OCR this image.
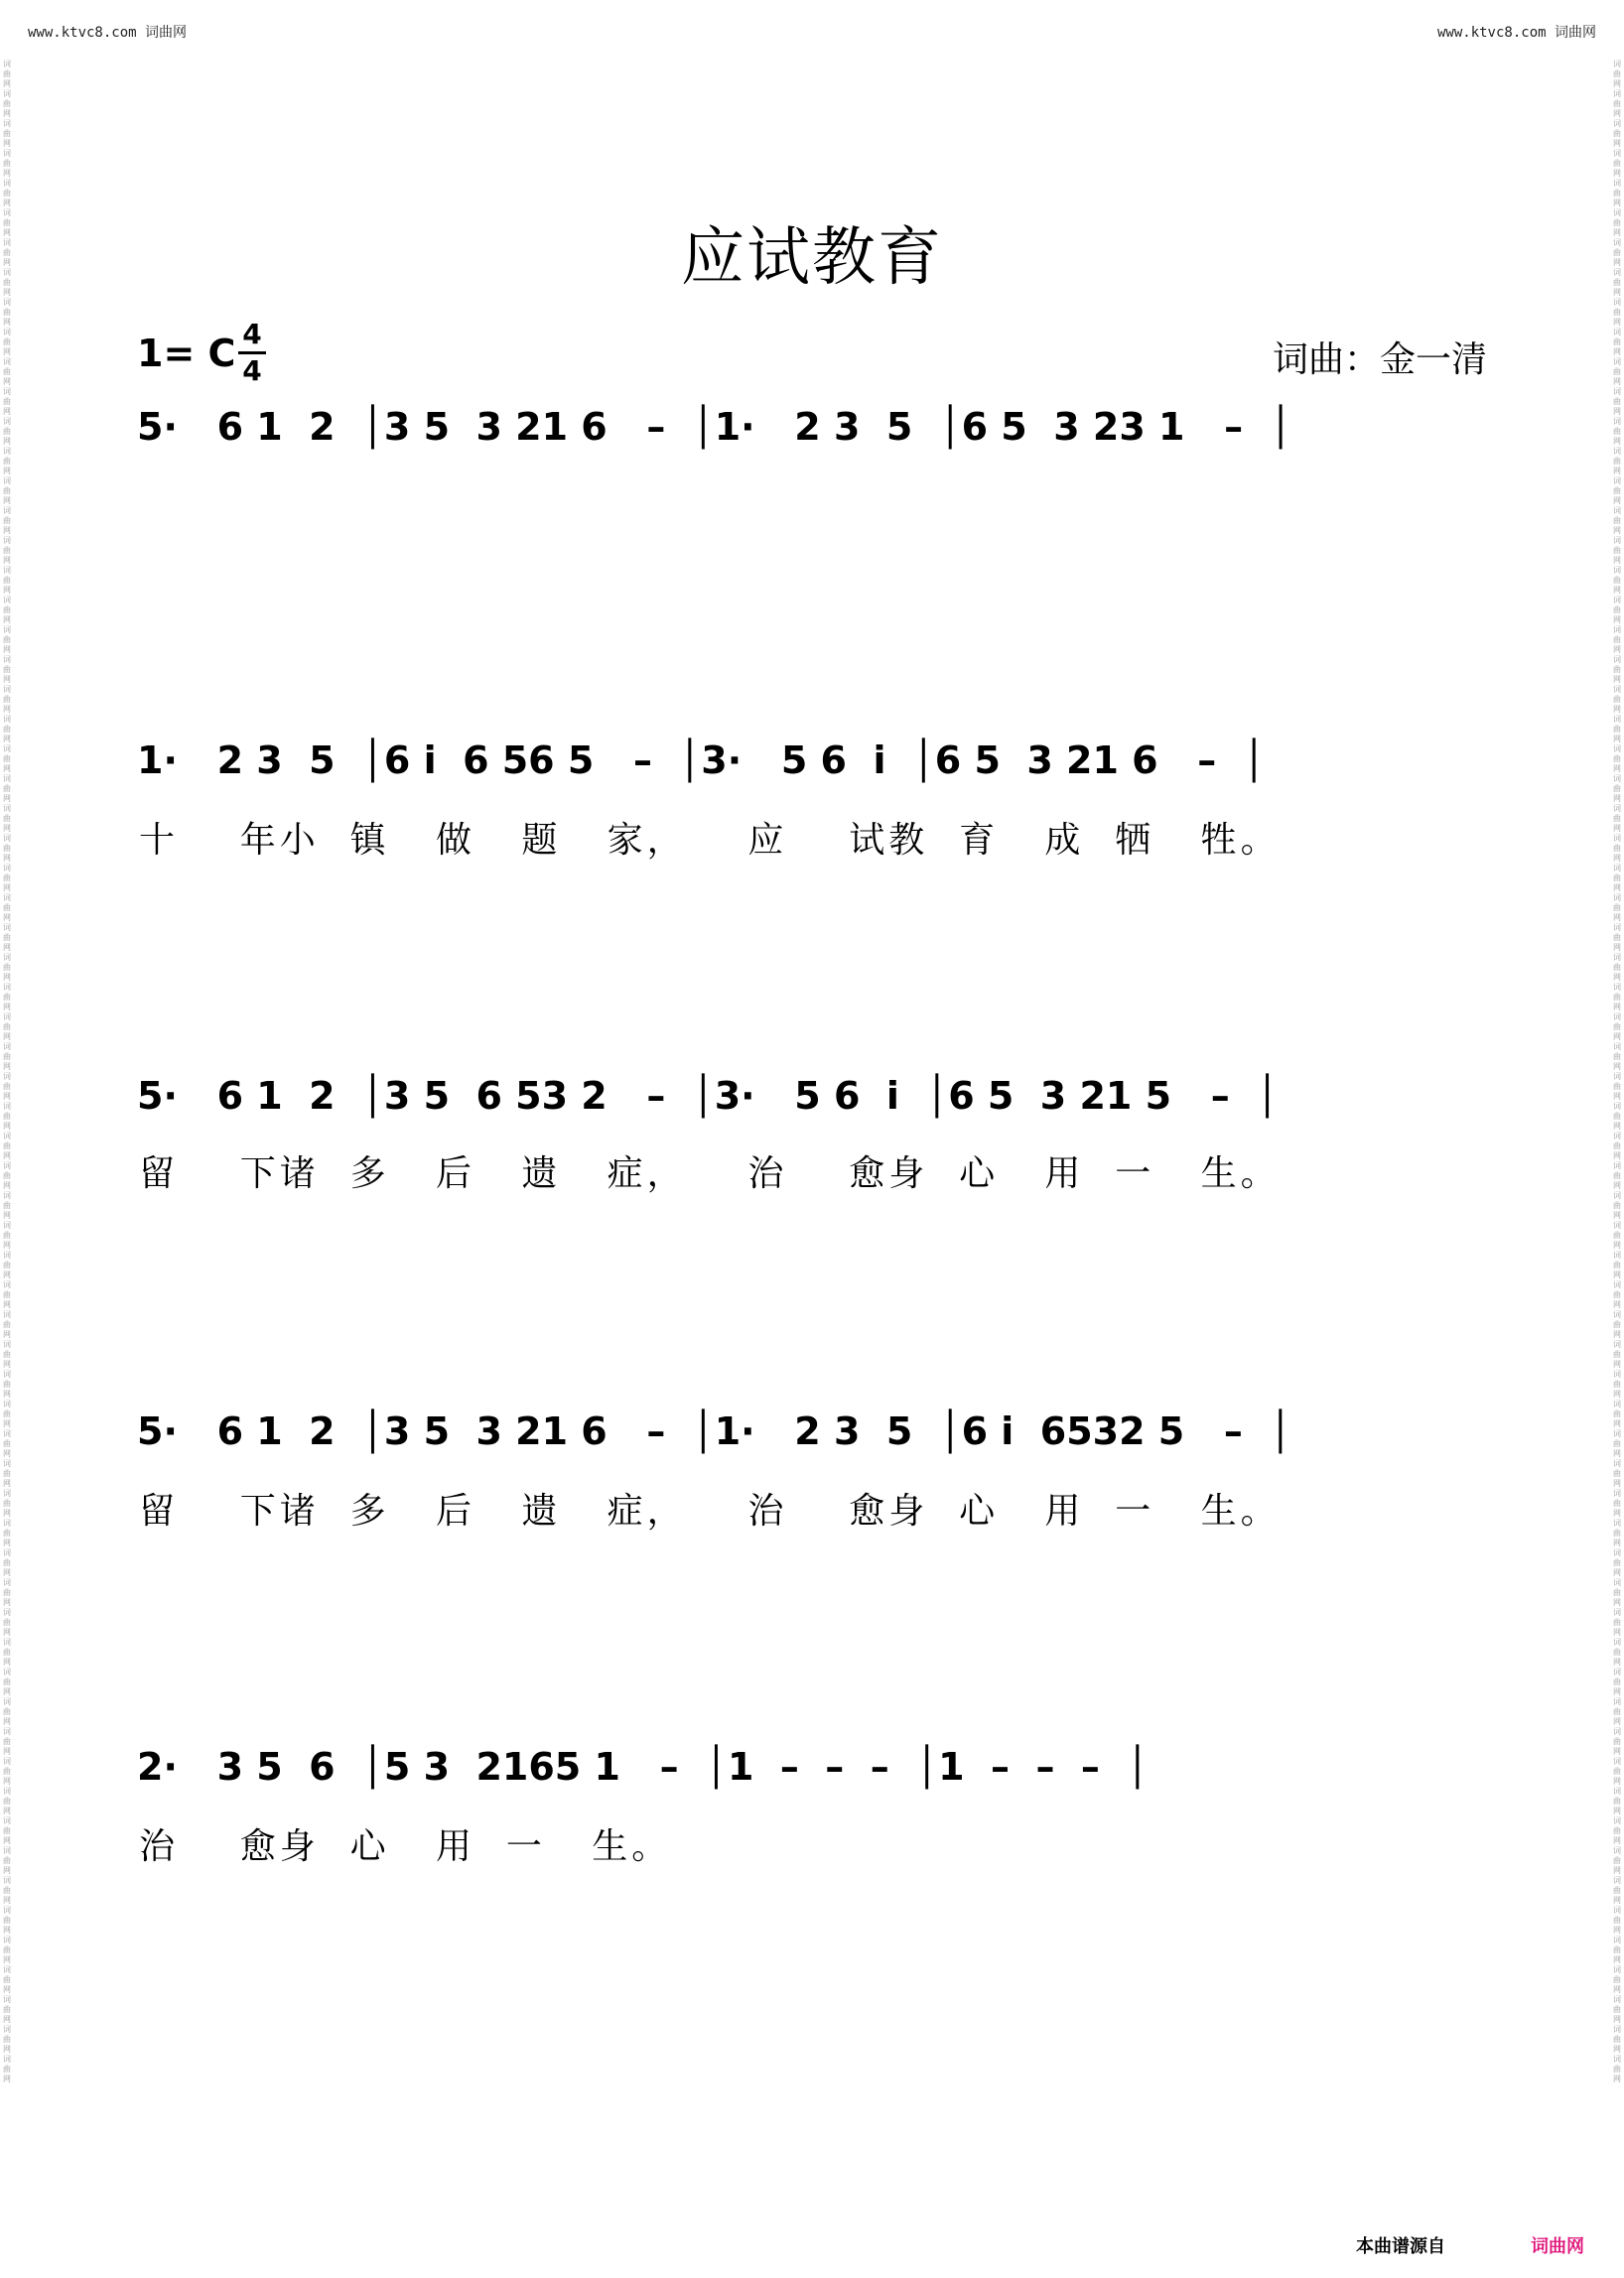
www.ktvc8.com 词曲网	www.ktvc8.com 词曲网
词曲网词曲网词曲网词曲网词曲网词曲网词曲网词曲网词曲网词曲网词曲网词曲网词曲网词曲网词曲网词曲网词曲网词曲网词曲网词曲网词曲网词曲网词曲网词曲网词曲网词曲网词曲网词曲网词曲网词曲网词曲网词曲网词曲网词曲网词曲网词曲网词曲网词曲网词曲网词曲网词曲网词曲网词曲网词曲网词曲网词曲网词曲网词曲网词曲网词曲网词曲网词曲网词曲网词曲网词曲网词曲网词曲网词曲网词曲网词曲网词曲网词曲网词曲网词曲网词曲网词曲网词曲网词曲网
词曲网词曲网词曲网词曲网词曲网词曲网词曲网词曲网词曲网词曲网词曲网词曲网词曲网词曲网词曲网词曲网词曲网词曲网词曲网词曲网词曲网词曲网词曲网词曲网词曲网词曲网词曲网词曲网词曲网词曲网词曲网词曲网词曲网词曲网词曲网词曲网词曲网词曲网词曲网词曲网词曲网词曲网词曲网词曲网词曲网词曲网词曲网词曲网词曲网词曲网词曲网词曲网词曲网词曲网词曲网词曲网词曲网词曲网词曲网词曲网词曲网词曲网词曲网词曲网词曲网词曲网词曲网词曲网
应试教育
1= C 4
4	词曲：金一清
5·   6 1  2  │3 5  3 21 6   –  │1·   2 3  5  │6 5  3 23 1   –  │
1·   2 3  5  │6 i  6 56 5   –  │3·   5 6  i  │6 5  3 21 6   –  │
十    年小  镇   做   题   家，    应    试教  育   成  牺   牲。
5·   6 1  2  │3 5  6 53 2   –  │3·   5 6  i  │6 5  3 21 5   –  │
留    下诸  多   后   遗   症，    治    愈身  心   用  一   生。
5·   6 1  2  │3 5  3 21 6   –  │1·   2 3  5  │6 i  6532 5   –  │
留    下诸  多   后   遗   症，    治    愈身  心   用  一   生。
2·   3 5  6  │5 3  2165 1   –  │1  –  –  –  │1  –  –  –  │
治    愈身  心   用  一   生。
本曲谱源自	词曲网
